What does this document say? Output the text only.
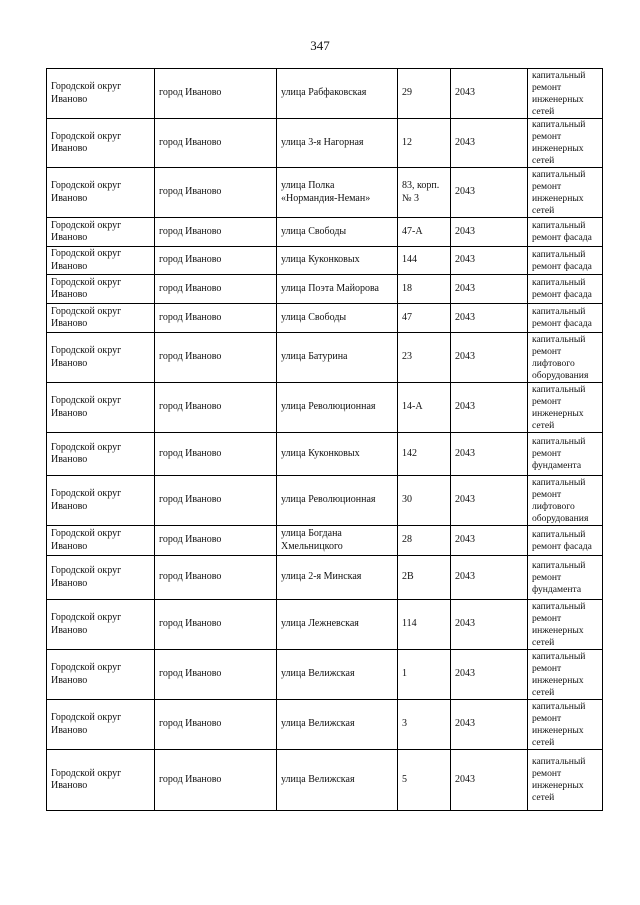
347
Городской округ Иваново	город Иваново	улица Рабфаковская	29	2043	капитальный ремонт инженерных сетей
Городской округ Иваново	город Иваново	улица 3-я Нагорная	12	2043	капитальный ремонт инженерных сетей
Городской округ Иваново	город Иваново	улица Полка «Нормандия-Неман»	83, корп. № 3	2043	капитальный ремонт инженерных сетей
Городской округ Иваново	город Иваново	улица Свободы	47-А	2043	капитальный ремонт фасада
Городской округ Иваново	город Иваново	улица Куконковых	144	2043	капитальный ремонт фасада
Городской округ Иваново	город Иваново	улица Поэта Майорова	18	2043	капитальный ремонт фасада
Городской округ Иваново	город Иваново	улица Свободы	47	2043	капитальный ремонт фасада
Городской округ Иваново	город Иваново	улица Батурина	23	2043	капитальный ремонт лифтового оборудования
Городской округ Иваново	город Иваново	улица Революционная	14-А	2043	капитальный ремонт инженерных сетей
Городской округ Иваново	город Иваново	улица Куконковых	142	2043	капитальный ремонт фундамента
Городской округ Иваново	город Иваново	улица Революционная	30	2043	капитальный ремонт лифтового оборудования
Городской округ Иваново	город Иваново	улица Богдана Хмельницкого	28	2043	капитальный ремонт фасада
Городской округ Иваново	город Иваново	улица 2-я Минская	2В	2043	капитальный ремонт фундамента
Городской округ Иваново	город Иваново	улица Лежневская	114	2043	капитальный ремонт инженерных сетей
Городской округ Иваново	город Иваново	улица Велижская	1	2043	капитальный ремонт инженерных сетей
Городской округ Иваново	город Иваново	улица Велижская	3	2043	капитальный ремонт инженерных сетей
Городской округ Иваново	город Иваново	улица Велижская	5	2043	капитальный ремонт инженерных сетей
